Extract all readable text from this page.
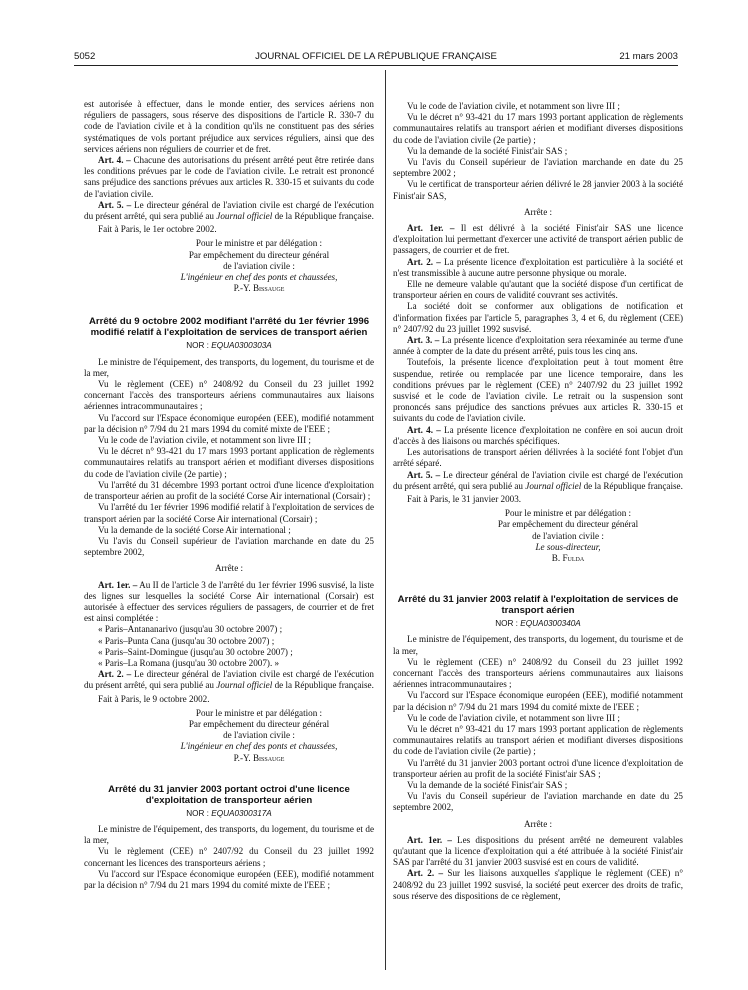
5052	JOURNAL OFFICIEL DE LA RÉPUBLIQUE FRANÇAISE	21 mars 2003

est autorisée à effectuer, dans le monde entier, des services aériens non réguliers de passagers, sous réserve des dispositions de l'article R. 330-7 du code de l'aviation civile et à la condition qu'ils ne constituent pas des séries systématiques de vols portant préjudice aux services réguliers, ainsi que des services aériens non réguliers de courrier et de fret.

Art. 4. – Chacune des autorisations du présent arrêté peut être retirée dans les conditions prévues par le code de l'aviation civile. Le retrait est prononcé sans préjudice des sanctions prévues aux articles R. 330-15 et suivants du code de l'aviation civile.

Art. 5. – Le directeur général de l'aviation civile est chargé de l'exécution du présent arrêté, qui sera publié au Journal officiel de la République française.

Fait à Paris, le 1er octobre 2002.

Pour le ministre et par délégation :
Par empêchement du directeur général
de l'aviation civile :
L'ingénieur en chef des ponts et chaussées,
P.-Y. Bissauge
Arrêté du 9 octobre 2002 modifiant l'arrêté du 1er février 1996 modifié relatif à l'exploitation de services de transport aérien
NOR : EQUA0300303A

Le ministre de l'équipement, des transports, du logement, du tourisme et de la mer,

Vu le règlement (CEE) n° 2408/92 du Conseil du 23 juillet 1992 concernant l'accès des transporteurs aériens communautaires aux liaisons aériennes intracommunautaires ;

Vu l'accord sur l'Espace économique européen (EEE), modifié notamment par la décision n° 7/94 du 21 mars 1994 du comité mixte de l'EEE ;

Vu le code de l'aviation civile, et notamment son livre III ;

Vu le décret n° 93-421 du 17 mars 1993 portant application de règlements communautaires relatifs au transport aérien et modifiant diverses dispositions du code de l'aviation civile (2e partie) ;

Vu l'arrêté du 31 décembre 1993 portant octroi d'une licence d'exploitation de transporteur aérien au profit de la société Corse Air international (Corsair) ;

Vu l'arrêté du 1er février 1996 modifié relatif à l'exploitation de services de transport aérien par la société Corse Air international (Corsair) ;

Vu la demande de la société Corse Air international ;

Vu l'avis du Conseil supérieur de l'aviation marchande en date du 25 septembre 2002,

Arrête :

Art. 1er. – Au II de l'article 3 de l'arrêté du 1er février 1996 susvisé, la liste des lignes sur lesquelles la société Corse Air international (Corsair) est autorisée à effectuer des services réguliers de passagers, de courrier et de fret est ainsi complétée :

« Paris–Antananarivo (jusqu'au 30 octobre 2007) ;

« Paris–Punta Cana (jusqu'au 30 octobre 2007) ;

« Paris–Saint-Domingue (jusqu'au 30 octobre 2007) ;

« Paris–La Romana (jusqu'au 30 octobre 2007). »

Art. 2. – Le directeur général de l'aviation civile est chargé de l'exécution du présent arrêté, qui sera publié au Journal officiel de la République française.

Fait à Paris, le 9 octobre 2002.

Pour le ministre et par délégation :
Par empêchement du directeur général
de l'aviation civile :
L'ingénieur en chef des ponts et chaussées,
P.-Y. Bissauge
Arrêté du 31 janvier 2003 portant octroi d'une licence d'exploitation de transporteur aérien
NOR : EQUA0300317A

Le ministre de l'équipement, des transports, du logement, du tourisme et de la mer,

Vu le règlement (CEE) n° 2407/92 du Conseil du 23 juillet 1992 concernant les licences des transporteurs aériens ;

Vu l'accord sur l'Espace économique européen (EEE), modifié notamment par la décision n° 7/94 du 21 mars 1994 du comité mixte de l'EEE ;

Vu le code de l'aviation civile, et notamment son livre III ;

Vu le décret n° 93-421 du 17 mars 1993 portant application de règlements communautaires relatifs au transport aérien et modifiant diverses dispositions du code de l'aviation civile (2e partie) ;

Vu la demande de la société Finist'air SAS ;

Vu l'avis du Conseil supérieur de l'aviation marchande en date du 25 septembre 2002 ;

Vu le certificat de transporteur aérien délivré le 28 janvier 2003 à la société Finist'air SAS,

Arrête :

Art. 1er. – Il est délivré à la société Finist'air SAS une licence d'exploitation lui permettant d'exercer une activité de transport aérien public de passagers, de courrier et de fret.

Art. 2. – La présente licence d'exploitation est particulière à la société et n'est transmissible à aucune autre personne physique ou morale.

Elle ne demeure valable qu'autant que la société dispose d'un certificat de transporteur aérien en cours de validité couvrant ses activités.

La société doit se conformer aux obligations de notification et d'information fixées par l'article 5, paragraphes 3, 4 et 6, du règlement (CEE) n° 2407/92 du 23 juillet 1992 susvisé.

Art. 3. – La présente licence d'exploitation sera réexaminée au terme d'une année à compter de la date du présent arrêté, puis tous les cinq ans.

Toutefois, la présente licence d'exploitation peut à tout moment être suspendue, retirée ou remplacée par une licence temporaire, dans les conditions prévues par le règlement (CEE) n° 2407/92 du 23 juillet 1992 susvisé et le code de l'aviation civile. Le retrait ou la suspension sont prononcés sans préjudice des sanctions prévues aux articles R. 330-15 et suivants du code de l'aviation civile.

Art. 4. – La présente licence d'exploitation ne confère en soi aucun droit d'accès à des liaisons ou marchés spécifiques.

Les autorisations de transport aérien délivrées à la société font l'objet d'un arrêté séparé.

Art. 5. – Le directeur général de l'aviation civile est chargé de l'exécution du présent arrêté, qui sera publié au Journal officiel de la République française.

Fait à Paris, le 31 janvier 2003.

Pour le ministre et par délégation :
Par empêchement du directeur général
de l'aviation civile :
Le sous-directeur,
B. Fulda
Arrêté du 31 janvier 2003 relatif à l'exploitation de services de transport aérien
NOR : EQUA0300340A

Le ministre de l'équipement, des transports, du logement, du tourisme et de la mer,

Vu le règlement (CEE) n° 2408/92 du Conseil du 23 juillet 1992 concernant l'accès des transporteurs aériens communautaires aux liaisons aériennes intracommunautaires ;

Vu l'accord sur l'Espace économique européen (EEE), modifié notamment par la décision n° 7/94 du 21 mars 1994 du comité mixte de l'EEE ;

Vu le code de l'aviation civile, et notamment son livre III ;

Vu le décret n° 93-421 du 17 mars 1993 portant application de règlements communautaires relatifs au transport aérien et modifiant diverses dispositions du code de l'aviation civile (2e partie) ;

Vu l'arrêté du 31 janvier 2003 portant octroi d'une licence d'exploitation de transporteur aérien au profit de la société Finist'air SAS ;

Vu la demande de la société Finist'air SAS ;

Vu l'avis du Conseil supérieur de l'aviation marchande en date du 25 septembre 2002,

Arrête :

Art. 1er. – Les dispositions du présent arrêté ne demeurent valables qu'autant que la licence d'exploitation qui a été attribuée à la société Finist'air SAS par l'arrêté du 31 janvier 2003 susvisé est en cours de validité.

Art. 2. – Sur les liaisons auxquelles s'applique le règlement (CEE) n° 2408/92 du 23 juillet 1992 susvisé, la société peut exercer des droits de trafic, sous réserve des dispositions de ce règlement,
